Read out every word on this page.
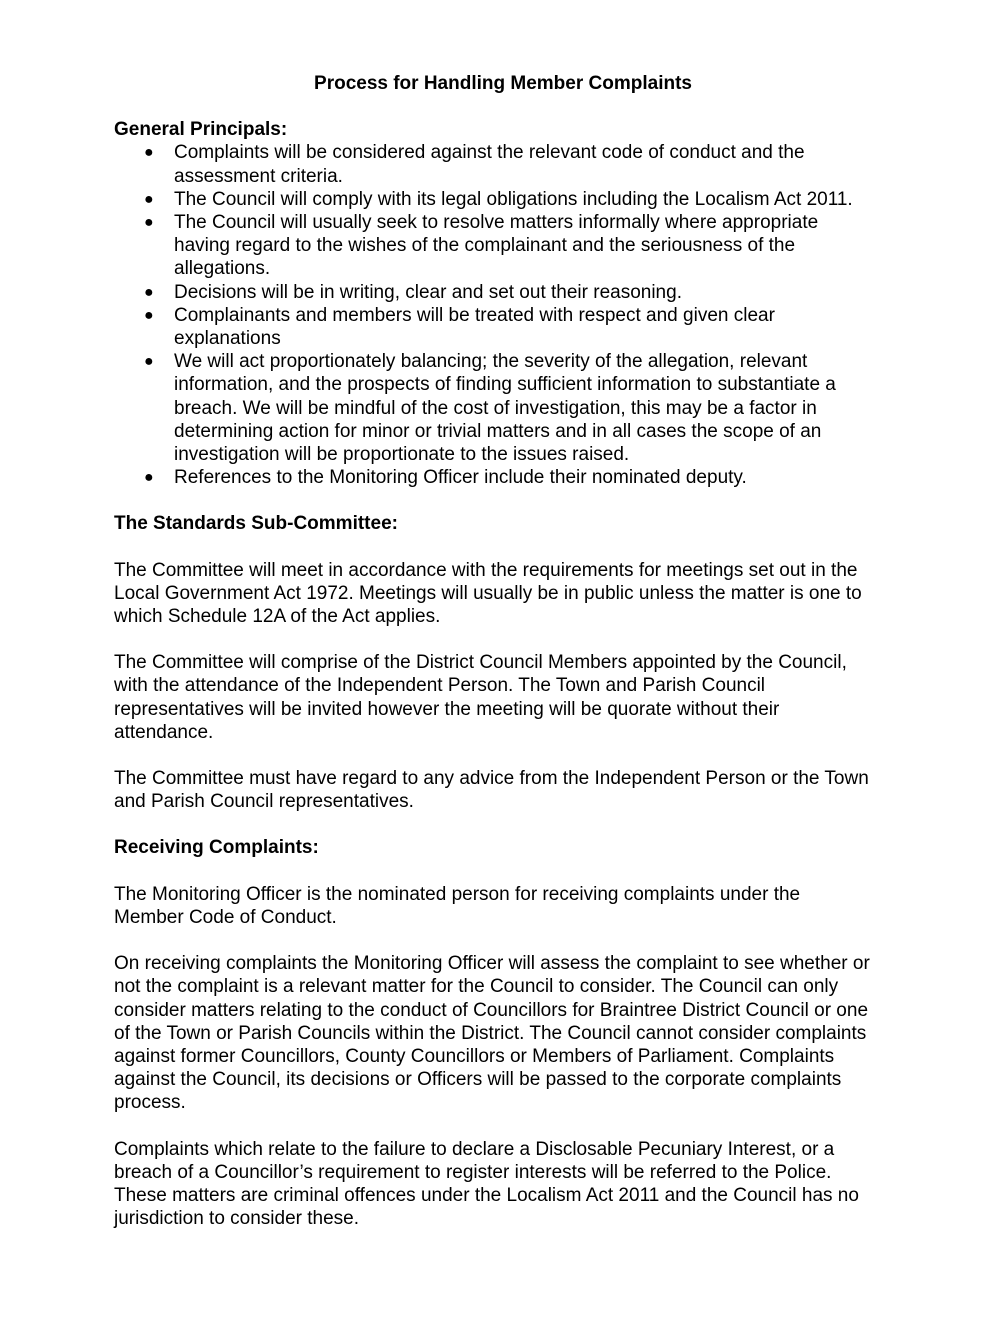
Process for Handling Member Complaints
General Principals:
● Complaints will be considered against the relevant code of conduct and the assessment criteria.
● The Council will comply with its legal obligations including the Localism Act 2011.
● The Council will usually seek to resolve matters informally where appropriate having regard to the wishes of the complainant and the seriousness of the allegations.
● Decisions will be in writing, clear and set out their reasoning.
● Complainants and members will be treated with respect and given clear explanations
● We will act proportionately balancing; the severity of the allegation, relevant information, and the prospects of finding sufficient information to substantiate a breach. We will be mindful of the cost of investigation, this may be a factor in determining action for minor or trivial matters and in all cases the scope of an investigation will be proportionate to the issues raised.
● References to the Monitoring Officer include their nominated deputy.
The Standards Sub-Committee:

The Committee will meet in accordance with the requirements for meetings set out in the Local Government Act 1972. Meetings will usually be in public unless the matter is one to which Schedule 12A of the Act applies.

The Committee will comprise of the District Council Members appointed by the Council, with the attendance of the Independent Person. The Town and Parish Council representatives will be invited however the meeting will be quorate without their attendance.

The Committee must have regard to any advice from the Independent Person or the Town and Parish Council representatives.

Receiving Complaints:

The Monitoring Officer is the nominated person for receiving complaints under the Member Code of Conduct.

On receiving complaints the Monitoring Officer will assess the complaint to see whether or not the complaint is a relevant matter for the Council to consider. The Council can only consider matters relating to the conduct of Councillors for Braintree District Council or one of the Town or Parish Councils within the District. The Council cannot consider complaints against former Councillors, County Councillors or Members of Parliament. Complaints against the Council, its decisions or Officers will be passed to the corporate complaints process.

Complaints which relate to the failure to declare a Disclosable Pecuniary Interest, or a breach of a Councillor’s requirement to register interests will be referred to the Police. These matters are criminal offences under the Localism Act 2011 and the Council has no jurisdiction to consider these.
